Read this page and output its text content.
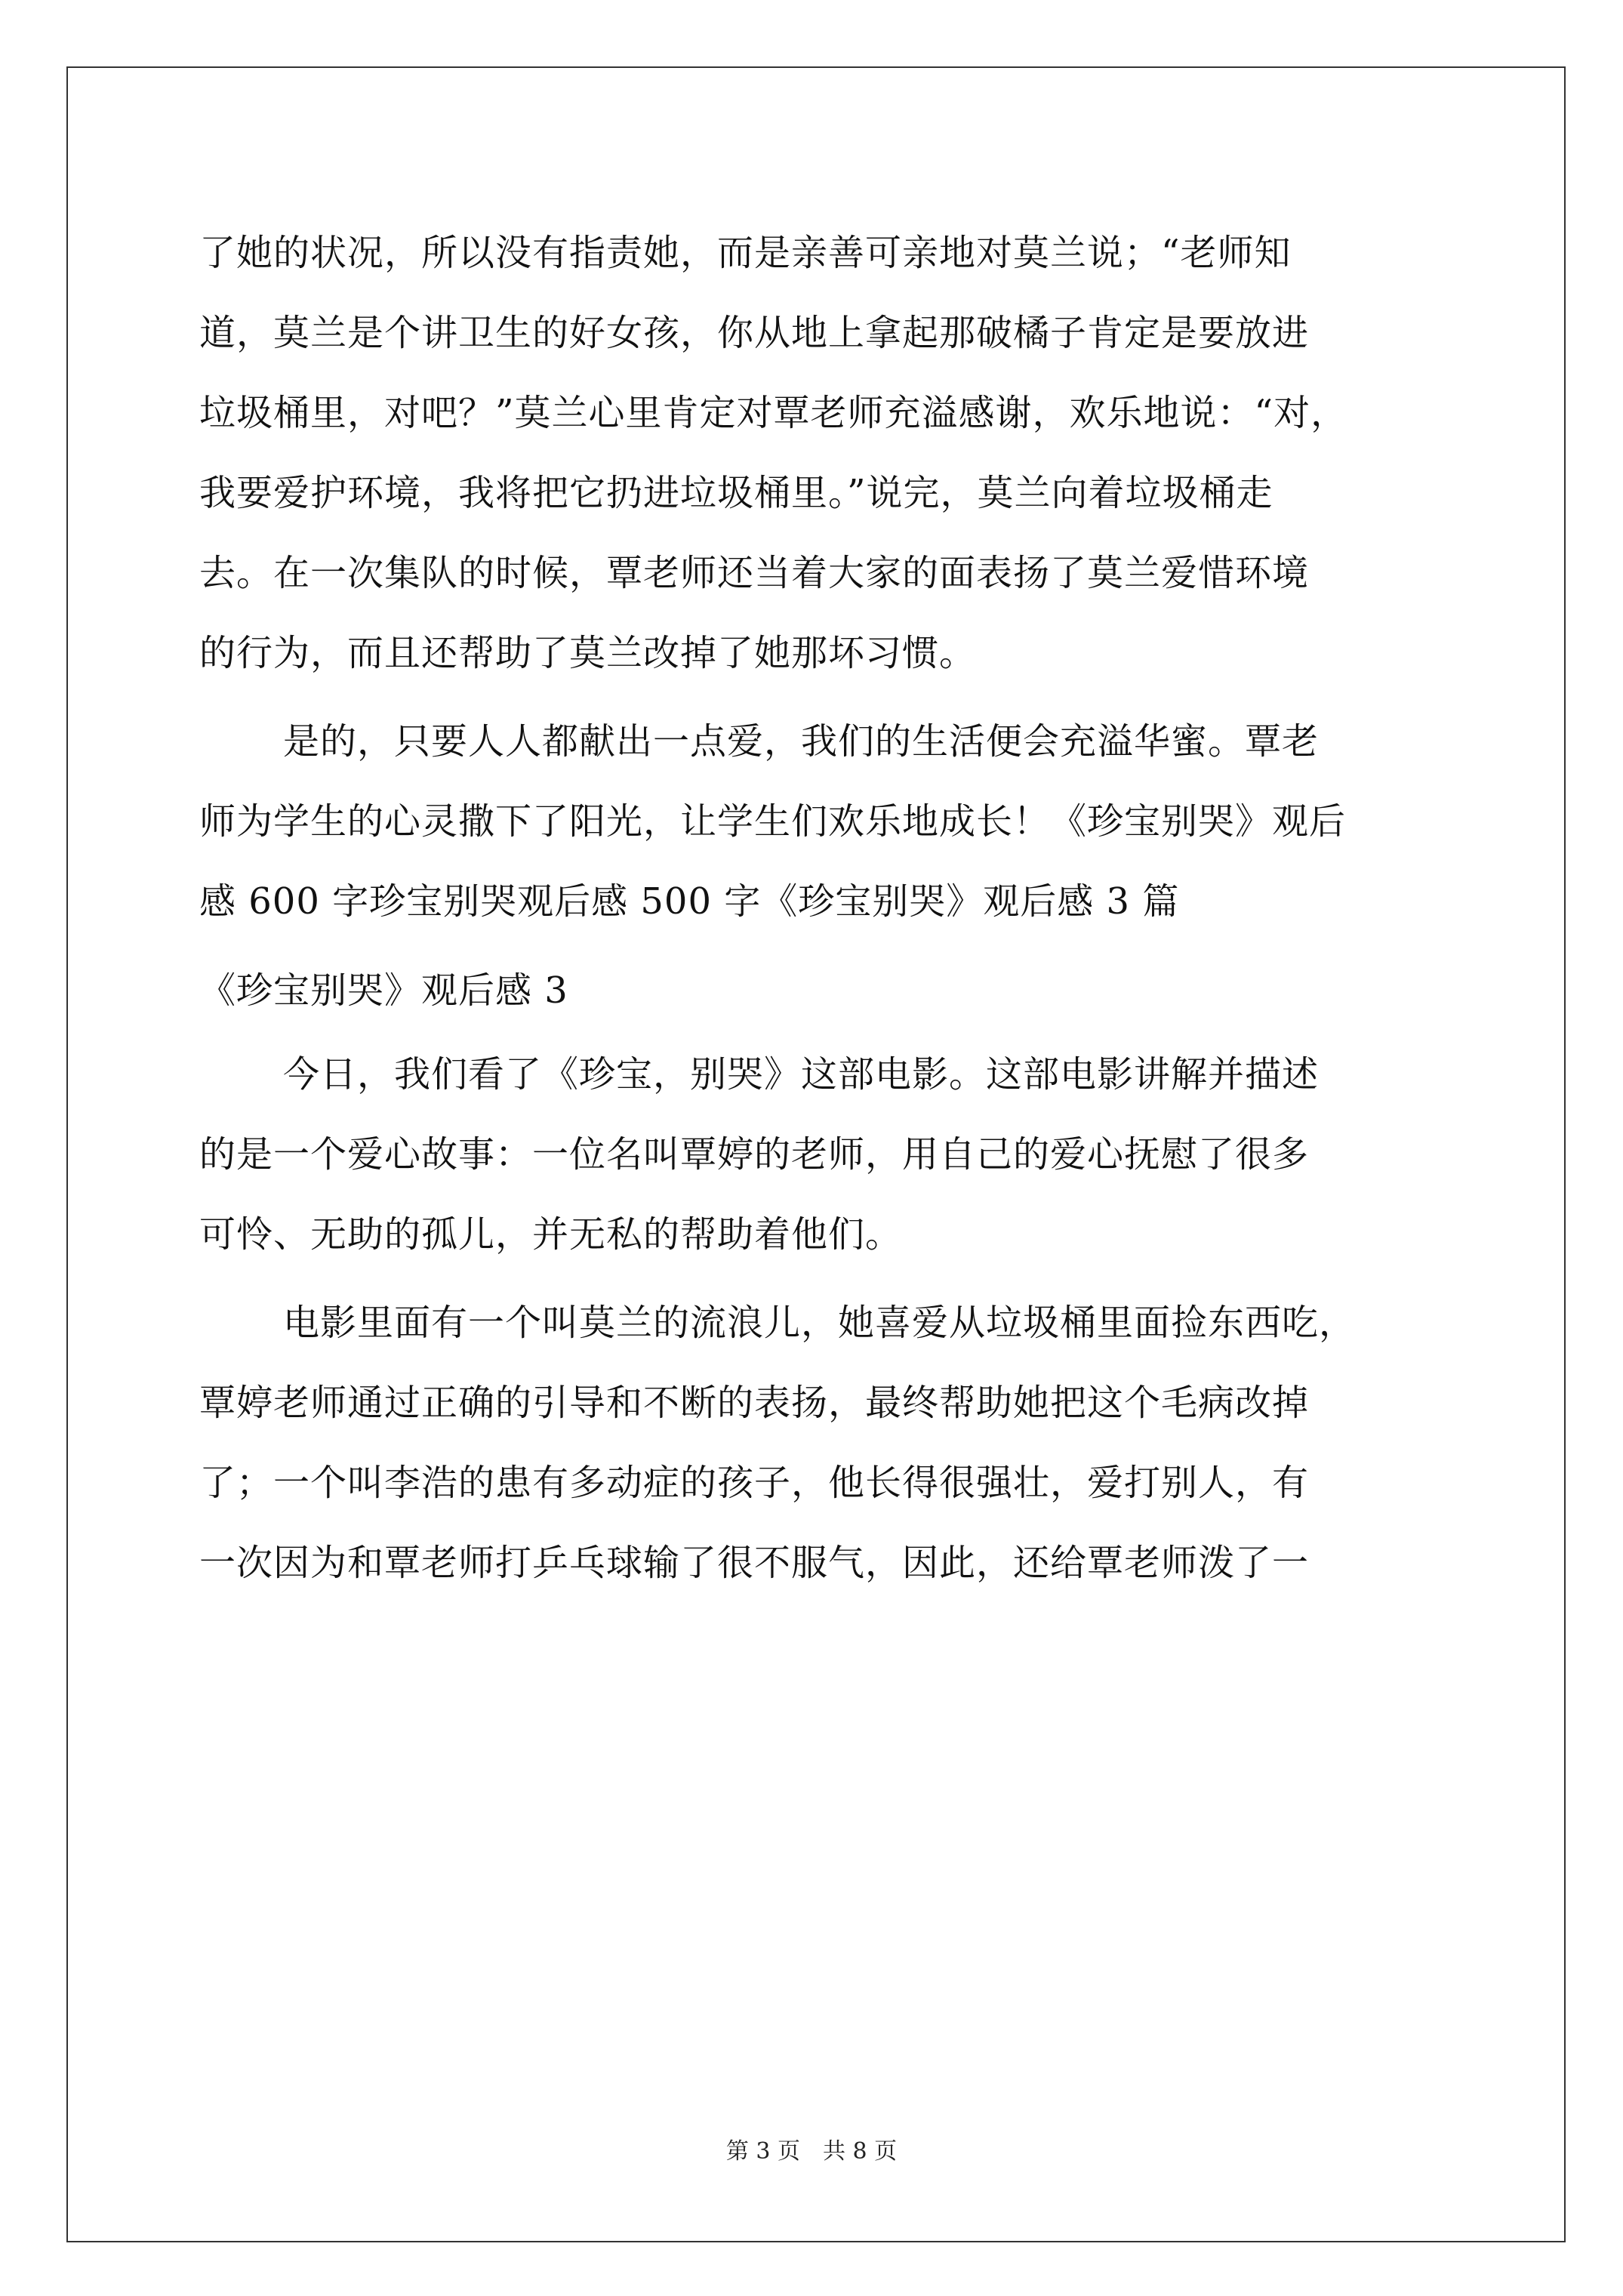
了她的状况，所以没有指责她，而是亲善可亲地对莫兰说；“老师知
道，莫兰是个讲卫生的好女孩，你从地上拿起那破橘子肯定是要放进
垃圾桶里，对吧？”莫兰心里肯定对覃老师充溢感谢，欢乐地说：“对，
我要爱护环境，我将把它扔进垃圾桶里。”说完，莫兰向着垃圾桶走
去。在一次集队的时候，覃老师还当着大家的面表扬了莫兰爱惜环境
的行为，而且还帮助了莫兰改掉了她那坏习惯。
是的，只要人人都献出一点爱，我们的生活便会充溢华蜜。覃老
师为学生的心灵撒下了阳光，让学生们欢乐地成长！《珍宝别哭》观后
感 600 字珍宝别哭观后感 500 字《珍宝别哭》观后感 3 篇
《珍宝别哭》观后感 3
今日，我们看了《珍宝，别哭》这部电影。这部电影讲解并描述
的是一个爱心故事：一位名叫覃婷的老师，用自己的爱心抚慰了很多
可怜、无助的孤儿，并无私的帮助着他们。
电影里面有一个叫莫兰的流浪儿，她喜爱从垃圾桶里面捡东西吃，
覃婷老师通过正确的引导和不断的表扬，最终帮助她把这个毛病改掉
了；一个叫李浩的患有多动症的孩子，他长得很强壮，爱打别人，有
一次因为和覃老师打乒乓球输了很不服气，因此，还给覃老师泼了一
第 3 页　共 8 页
